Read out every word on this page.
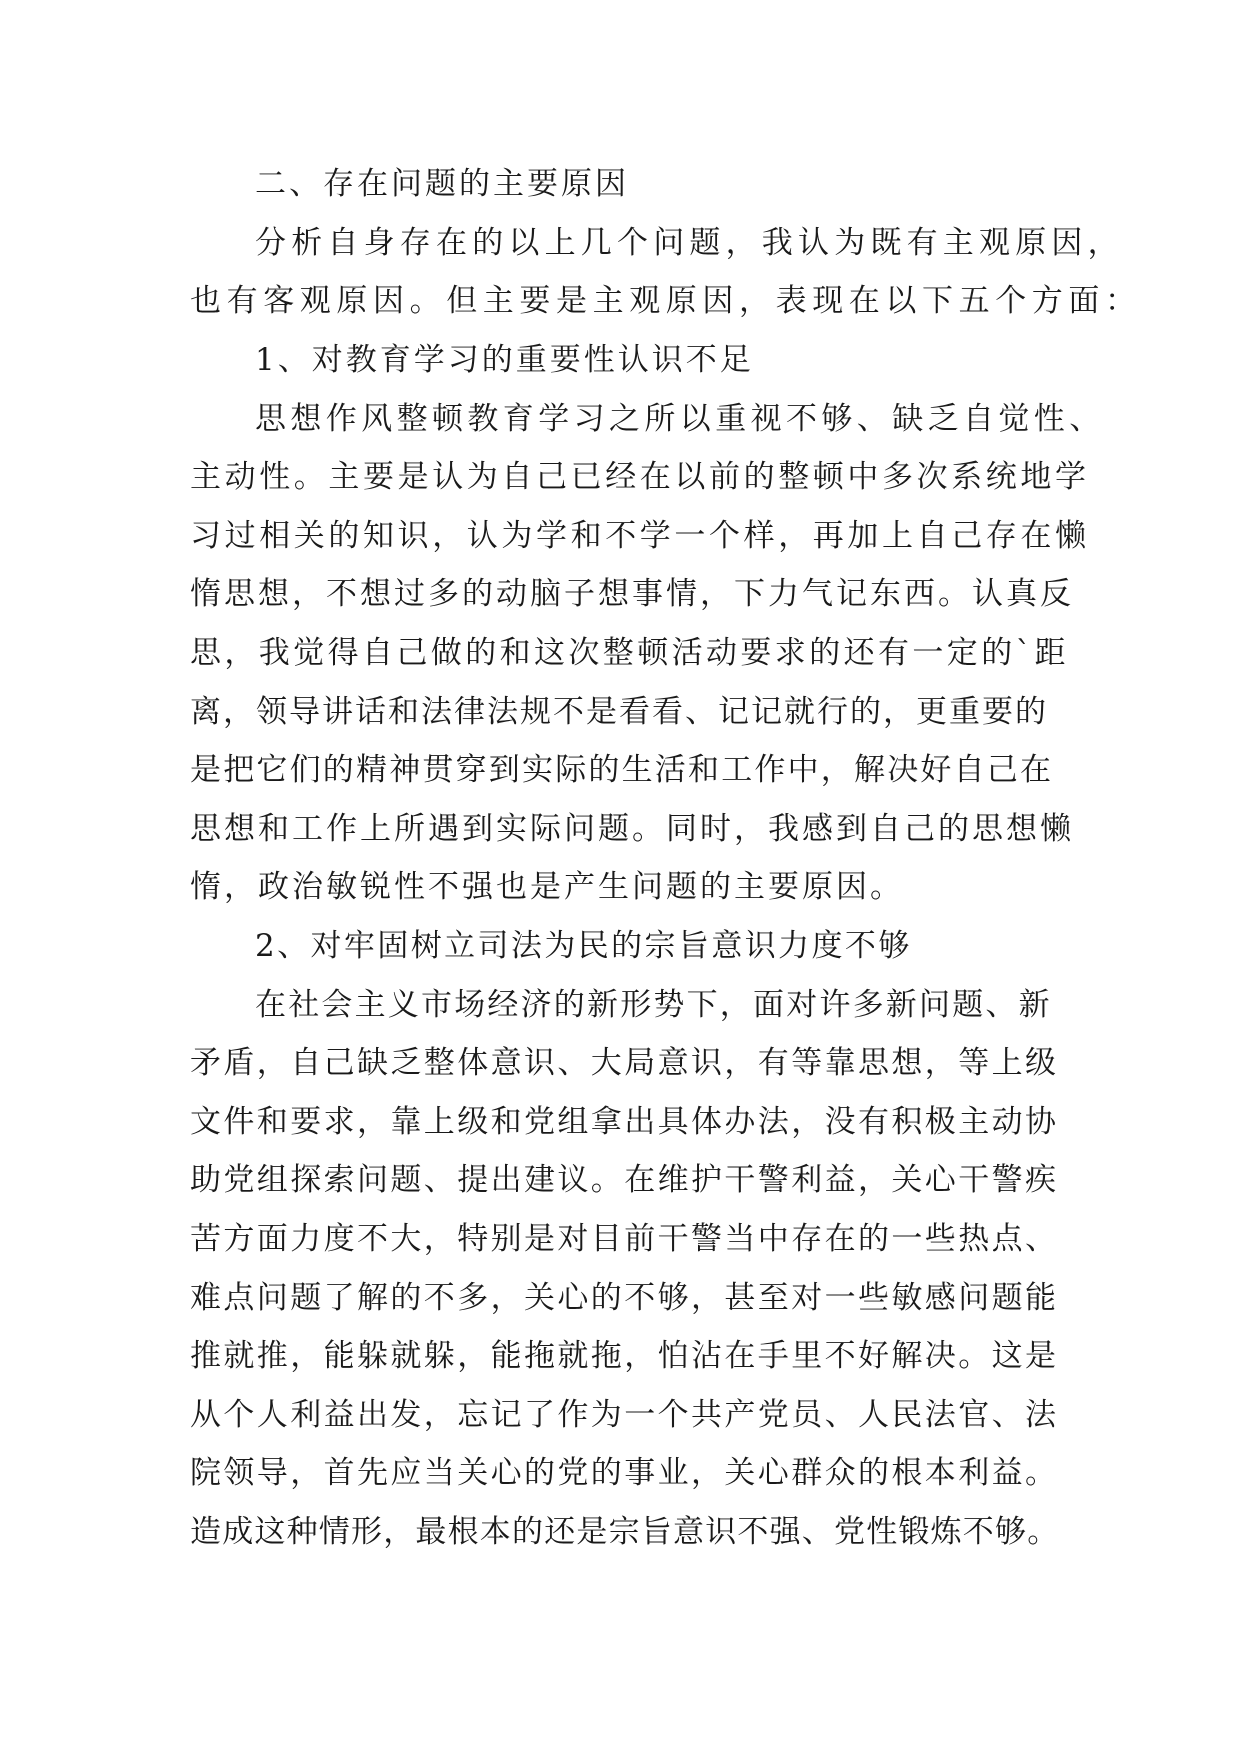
二、存在问题的主要原因
分析自身存在的以上几个问题，我认为既有主观原因，
也有客观原因。但主要是主观原因，表现在以下五个方面：
1、对教育学习的重要性认识不足
思想作风整顿教育学习之所以重视不够、缺乏自觉性、
主动性。主要是认为自己已经在以前的整顿中多次系统地学
习过相关的知识，认为学和不学一个样，再加上自己存在懒
惰思想，不想过多的动脑子想事情，下力气记东西。认真反
思，我觉得自己做的和这次整顿活动要求的还有一定的`距
离，领导讲话和法律法规不是看看、记记就行的，更重要的
是把它们的精神贯穿到实际的生活和工作中，解决好自己在
思想和工作上所遇到实际问题。同时，我感到自己的思想懒
惰，政治敏锐性不强也是产生问题的主要原因。
2、对牢固树立司法为民的宗旨意识力度不够
在社会主义市场经济的新形势下，面对许多新问题、新
矛盾，自己缺乏整体意识、大局意识，有等靠思想，等上级
文件和要求，靠上级和党组拿出具体办法，没有积极主动协
助党组探索问题、提出建议。在维护干警利益，关心干警疾
苦方面力度不大，特别是对目前干警当中存在的一些热点、
难点问题了解的不多，关心的不够，甚至对一些敏感问题能
推就推，能躲就躲，能拖就拖，怕沾在手里不好解决。这是
从个人利益出发，忘记了作为一个共产党员、人民法官、法
院领导，首先应当关心的党的事业，关心群众的根本利益。
造成这种情形，最根本的还是宗旨意识不强、党性锻炼不够。
